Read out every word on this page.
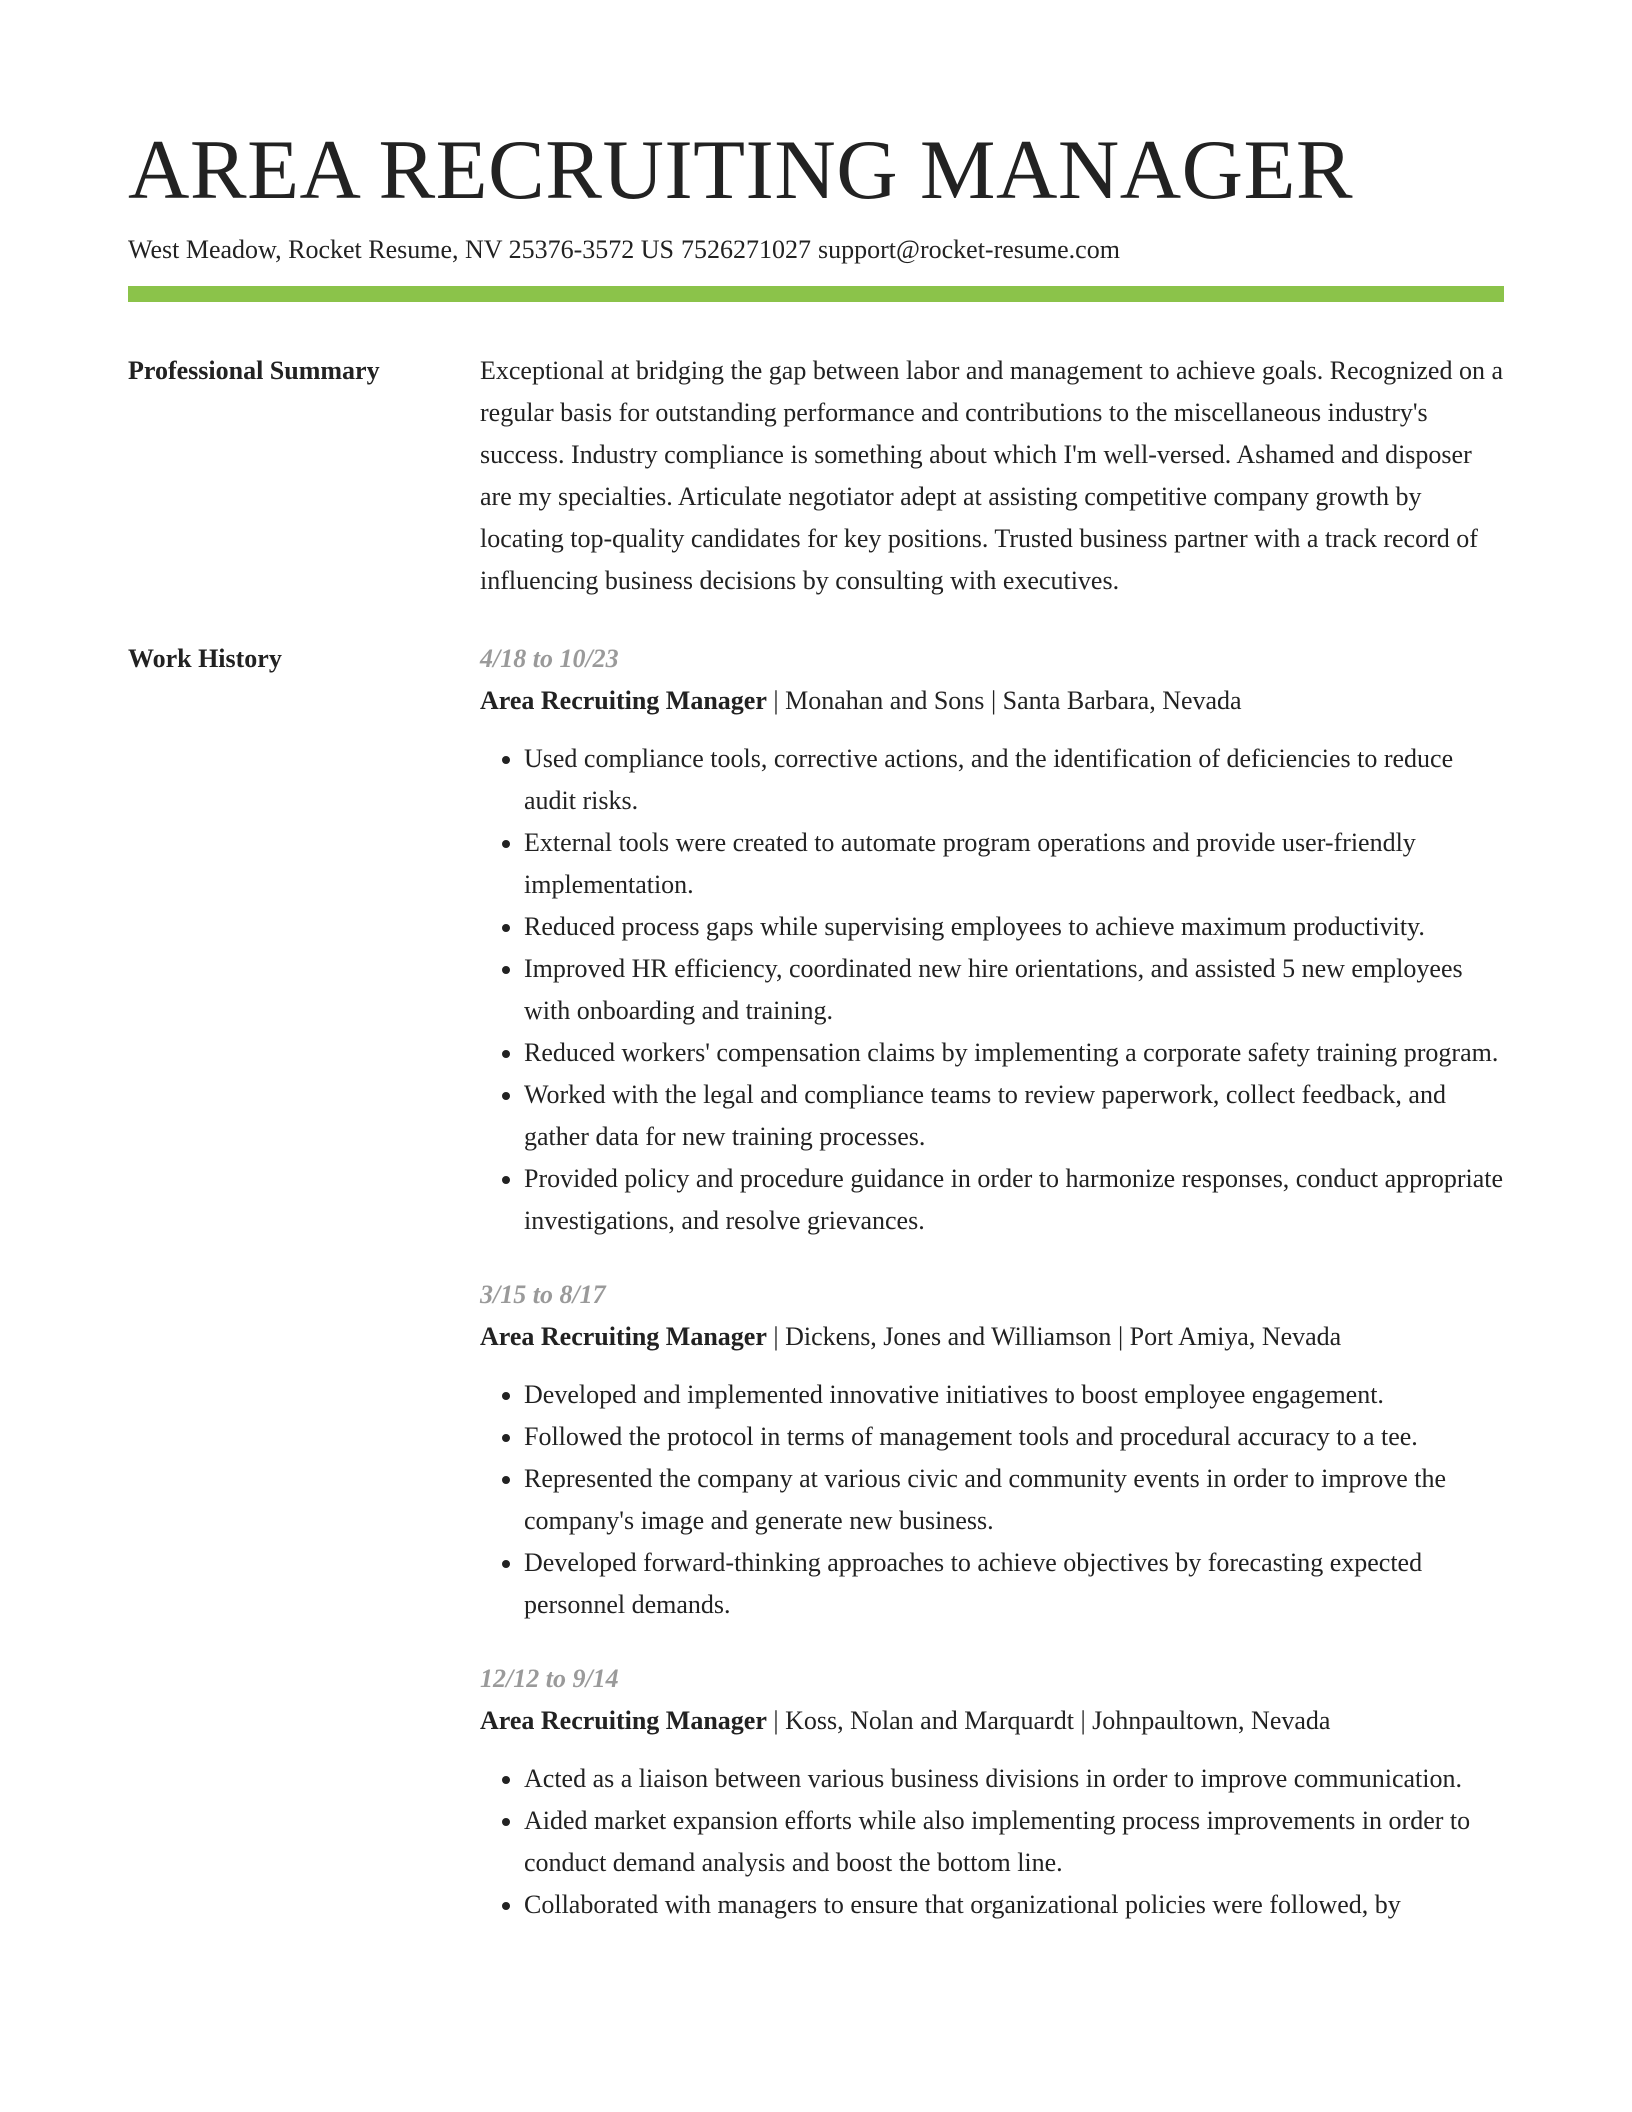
AREA RECRUITING MANAGER
West Meadow, Rocket Resume, NV 25376-3572 US 7526271027 support@rocket-resume.com
Professional Summary	Exceptional at bridging the gap between labor and management to achieve goals. Recognized on a regular basis for outstanding performance and contributions to the miscellaneous industry's success. Industry compliance is something about which I'm well-versed. Ashamed and disposer are my specialties. Articulate negotiator adept at assisting competitive company growth by locating top-quality candidates for key positions. Trusted business partner with a track record of influencing business decisions by consulting with executives.

Work History	4/18 to 10/23
Area Recruiting Manager | Monahan and Sons | Santa Barbara, Nevada
• Used compliance tools, corrective actions, and the identification of deficiencies to reduce audit risks.
• External tools were created to automate program operations and provide user-friendly implementation.
• Reduced process gaps while supervising employees to achieve maximum productivity.
• Improved HR efficiency, coordinated new hire orientations, and assisted 5 new employees with onboarding and training.
• Reduced workers' compensation claims by implementing a corporate safety training program.
• Worked with the legal and compliance teams to review paperwork, collect feedback, and gather data for new training processes.
• Provided policy and procedure guidance in order to harmonize responses, conduct appropriate investigations, and resolve grievances.
3/15 to 8/17
Area Recruiting Manager | Dickens, Jones and Williamson | Port Amiya, Nevada
• Developed and implemented innovative initiatives to boost employee engagement.
• Followed the protocol in terms of management tools and procedural accuracy to a tee.
• Represented the company at various civic and community events in order to improve the company's image and generate new business.
• Developed forward-thinking approaches to achieve objectives by forecasting expected personnel demands.
12/12 to 9/14
Area Recruiting Manager | Koss, Nolan and Marquardt | Johnpaultown, Nevada
• Acted as a liaison between various business divisions in order to improve communication.
• Aided market expansion efforts while also implementing process improvements in order to conduct demand analysis and boost the bottom line.
• Collaborated with managers to ensure that organizational policies were followed, by
